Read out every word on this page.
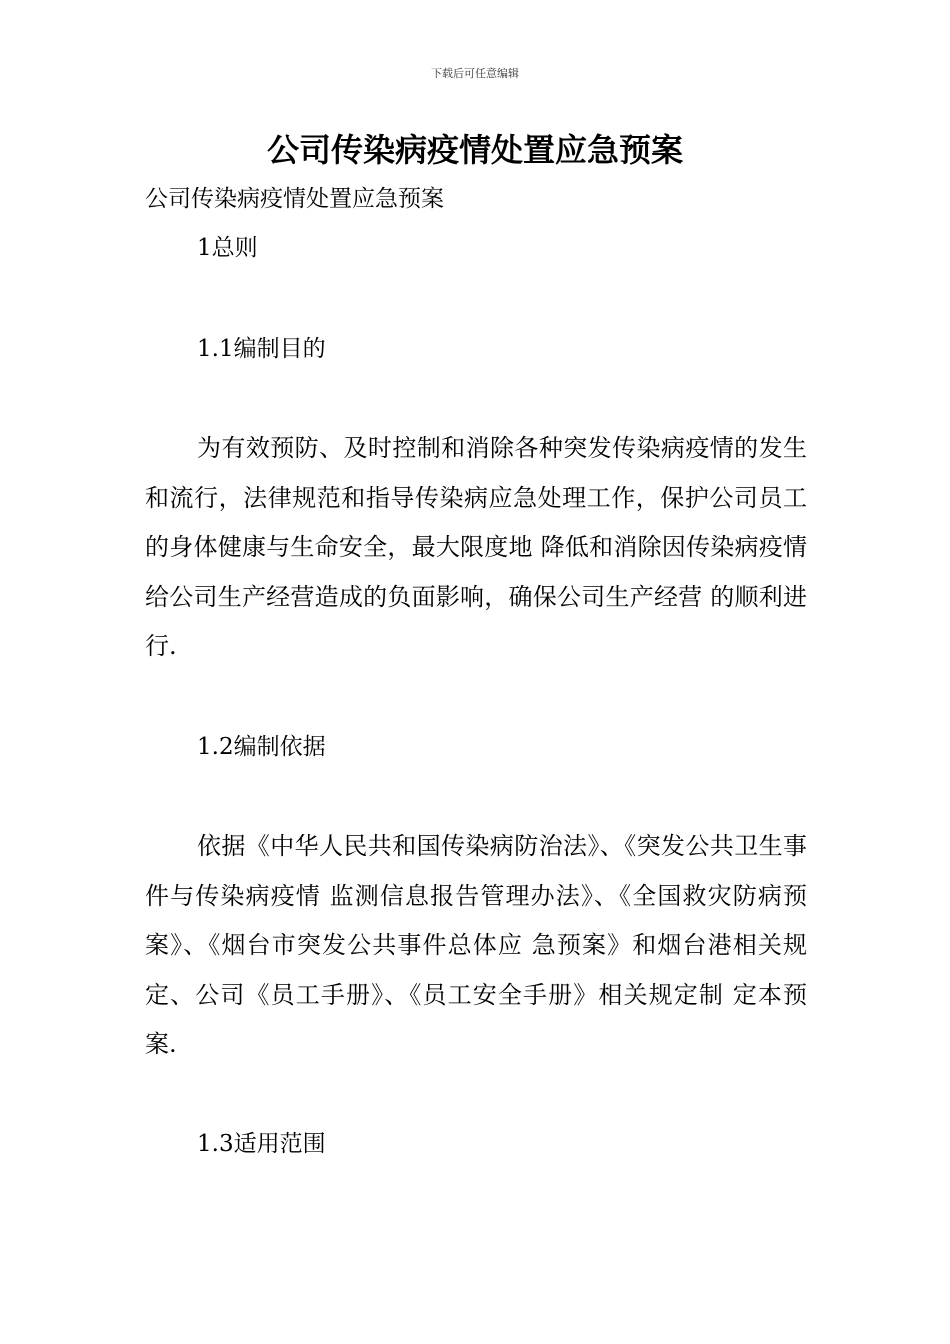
下载后可任意编辑
公司传染病疫情处置应急预案
公司传染病疫情处置应急预案
1总则
1.1编制目的

为有效预防、及时控制和消除各种突发传染病疫情的发生和流行，法律规范和指导传染病应急处理工作，保护公司员工的身体健康与生命安全，最大限度地 降低和消除因传染病疫情给公司生产经营造成的负面影响，确保公司生产经营 的顺利进行.

1.2编制依据

依据《中华人民共和国传染病防治法》、《突发公共卫生事件与传染病疫情 监测信息报告管理办法》、《全国救灾防病预案》、《烟台市突发公共事件总体应 急预案》和烟台港相关规定、公司《员工手册》、《员工安全手册》相关规定制 定本预案.

1.3适用范围
